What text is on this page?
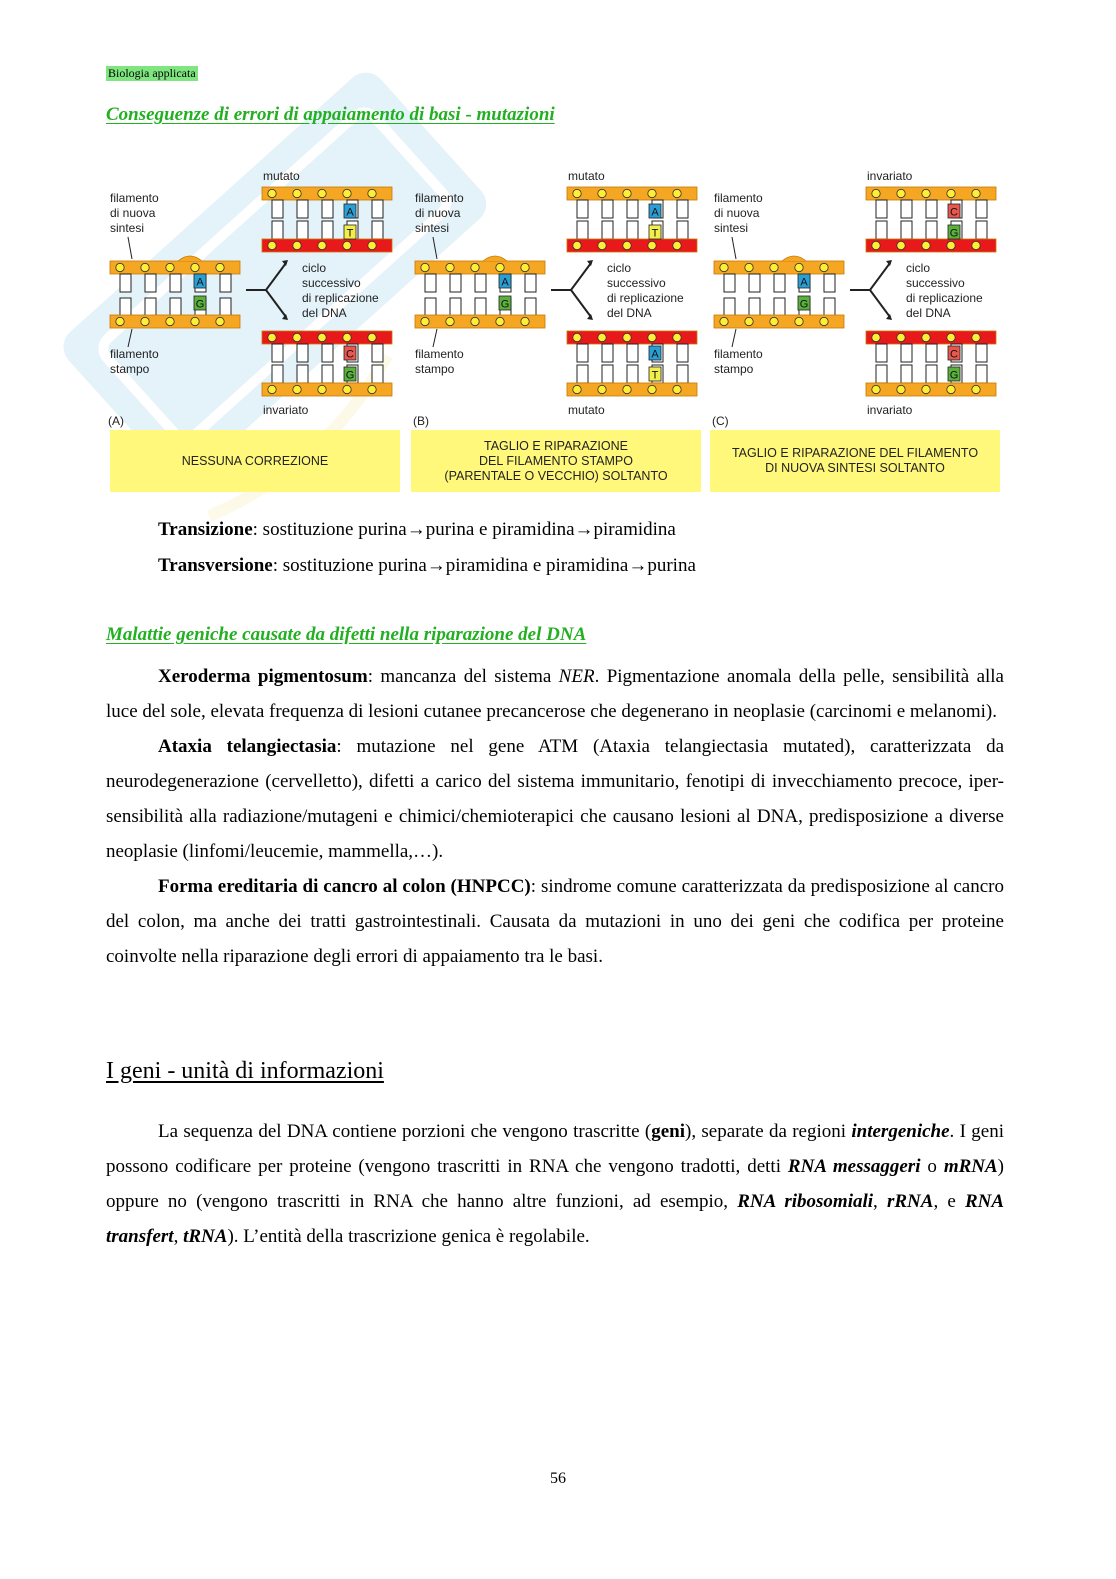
Biologia applicata
Conseguenze di errori di appaiamento di basi - mutazioni
A
G
A
T
C
G
A
G
A
T
A
T
A
G
C
G
C
G
mutato
filamento
di nuova
sintesi
ciclo
successivo
di replicazione
del DNA
filamento
stampo
invariato
(A)
mutato
filamento
di nuova
sintesi
ciclo
successivo
di replicazione
del DNA
filamento
stampo
mutato
(B)
invariato
filamento
di nuova
sintesi
ciclo
successivo
di replicazione
del DNA
filamento
stampo
invariato
(C)
NESSUNA CORREZIONE
TAGLIO E RIPARAZIONE
DEL FILAMENTO STAMPO
(PARENTALE O VECCHIO) SOLTANTO
TAGLIO E RIPARAZIONE DEL FILAMENTO
DI NUOVA SINTESI SOLTANTO
Transizione: sostituzione purina→purina e piramidina→piramidina
Transversione: sostituzione purina→piramidina e piramidina→purina
Malattie geniche causate da difetti nella riparazione del DNA

Xeroderma pigmentosum: mancanza del sistema NER. Pigmentazione anomala della pelle, sensibilità alla luce del sole, elevata frequenza di lesioni cutanee precancerose che degenerano in neoplasie (carcinomi e melanomi).

Ataxia telangiectasia: mutazione nel gene ATM (Ataxia telangiectasia mutated), caratterizzata da neurodegenerazione (cervelletto), difetti a carico del sistema immunitario, fenotipi di invecchiamento precoce, iper-sensibilità alla radiazione/mutageni e chimici/chemioterapici che causano lesioni al DNA, predisposizione a diverse neoplasie (linfomi/leucemie, mammella,…).

Forma ereditaria di cancro al colon (HNPCC): sindrome comune caratterizzata da predisposizione al cancro del colon, ma anche dei tratti gastrointestinali. Causata da mutazioni in uno dei geni che codifica per proteine coinvolte nella riparazione degli errori di appaiamento tra le basi.

I geni - unità di informazioni

La sequenza del DNA contiene porzioni che vengono trascritte (geni), separate da regioni intergeniche. I geni possono codificare per proteine (vengono trascritti in RNA che vengono tradotti, detti RNA messaggeri o mRNA) oppure no (vengono trascritti in RNA che hanno altre funzioni, ad esempio, RNA ribosomiali, rRNA, e RNA transfert, tRNA). L’entità della trascrizione genica è regolabile.

56
